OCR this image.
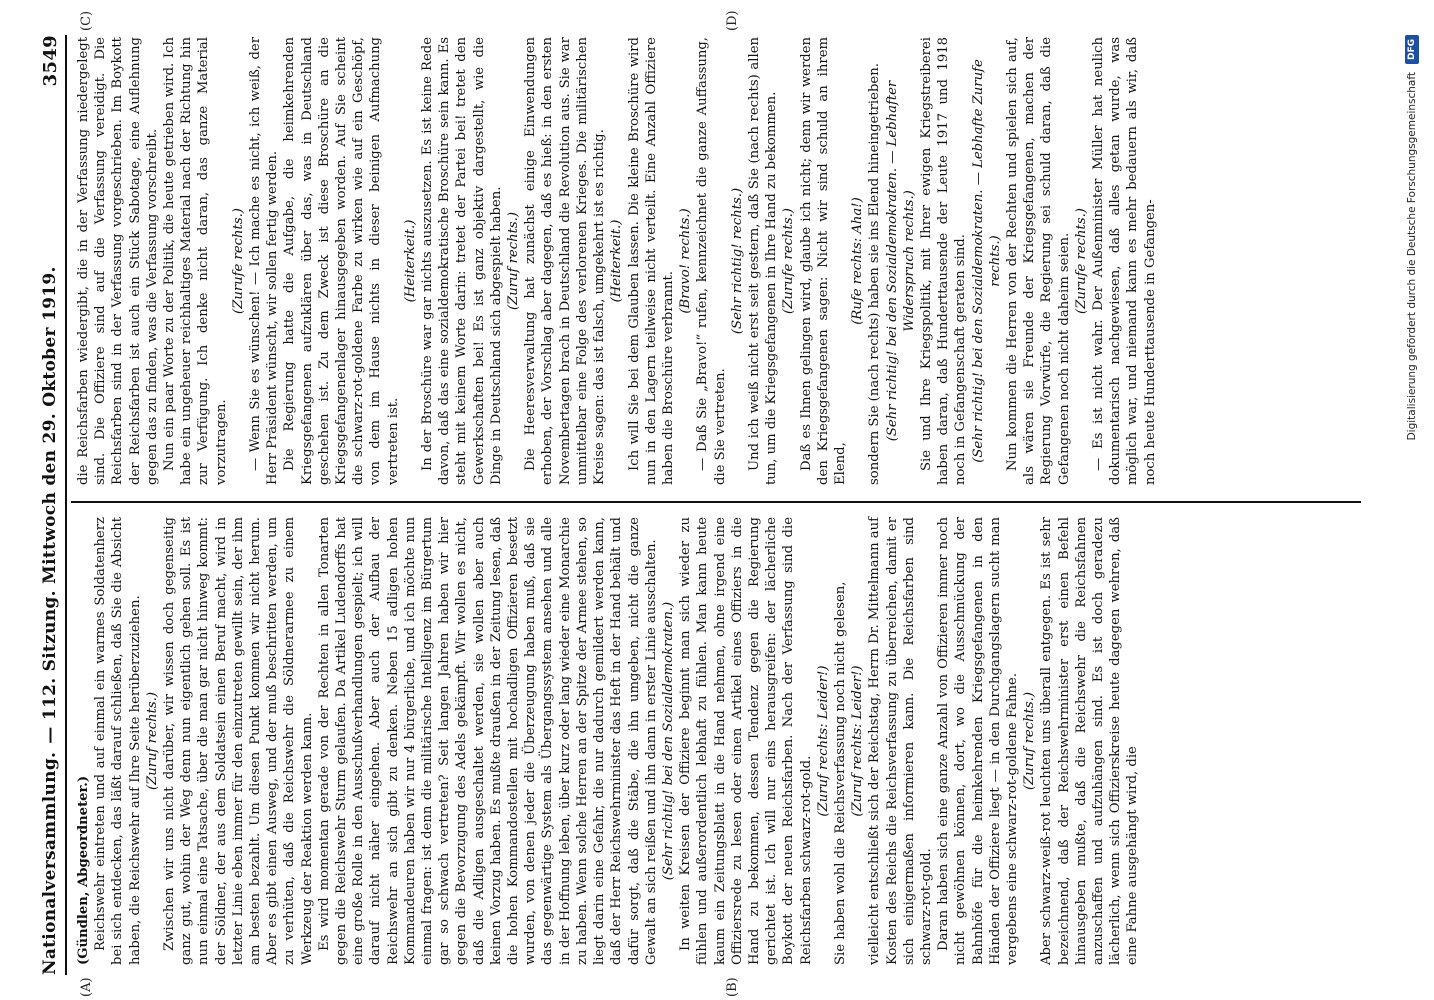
Nationalversammlung.
— 112. Sitzung. Mittwoch den 29. Oktober 1919.
3549
(A)	(B)
(C)	(D)

(Gündlen, Abgeordneter.) Reichswehr eintreten und auf einmal ein warmes Soldatenherz bei sich entdecken, das läßt darauf schließen, daß Sie die Absicht haben, die Reichswehr auf Ihre Seite herüberzuziehen. (Zuruf rechts.) Zwischen wir uns nicht darüber, wir wissen doch gegenseitig ganz gut, wohin der Weg denn nun eigentlich gehen soll. Es ist nun einmal eine Tatsache, über die man gar nicht hinweg kommt: der Söldner, der aus dem Soldatsein einen Beruf macht, wird in letzter Linie eben immer für den einzutreten gewillt sein, der ihm am besten bezahlt. Um diesen Punkt kommen wir nicht herum. Aber es gibt einen Ausweg, und der muß beschritten werden, um zu verhüten, daß die Reichswehr die Söldnerarmee zu einem Werkzeug der Reaktion werden kann. Es wird momentan gerade von der Rechten in allen Tonarten gegen die Reichswehr Sturm gelaufen. Da Artikel Ludendorffs hat eine große Rolle in den Ausschußverhandlungen gespielt; ich will darauf nicht näher eingehen. Aber auch der Aufbau der Reichswehr an sich gibt zu denken. Neben 15 adligen hohen Kommandeuren haben wir nur 4 bürgerliche, und ich möchte nun einmal fragen: ist denn die militärische Intelligenz im Bürgertum gar so schwach vertreten? Seit langen Jahren haben wir hier gegen die Bevorzugung des Adels gekämpft. Wir wollen es nicht, daß die Adligen ausgeschaltet werden, sie wollen aber auch keinen Vorzug haben. Es mußte draußen in der Zeitung lesen, daß die hohen Kommandostellen mit hochadligen Offizieren besetzt wurden, von denen jeder die Überzeugung haben muß, daß sie das gegenwärtige System als Übergangssystem ansehen und alle in der Hoffnung leben, über kurz oder lang wieder eine Monarchie zu haben. Wenn solche Herren an der Spitze der Armee stehen, so liegt darin eine Gefahr, die nur dadurch gemildert werden kann, daß der Herr Reichswehrminister das Heft in der Hand behält und dafür sorgt, daß die Stäbe, die ihn umgeben, nicht die ganze Gewalt an sich reißen und ihn dann in erster Linie ausschalten. (Sehr richtig! bei den Sozialdemokraten.) In weiten Kreisen der Offiziere beginnt man sich wieder zu fühlen und außerordentlich lebhaft zu fühlen. Man kann heute kaum ein Zeitungsblatt in die Hand nehmen, ohne irgend eine Offiziersrede zu lesen oder einen Artikel eines Offiziers in die Hand zu bekommen, dessen Tendenz gegen die Regierung gerichtet ist. Ich will nur eins herausgreifen: der lächerliche Boykott der neuen Reichsfarben. Nach der Verfassung sind die Reichsfarben schwarz-rot-gold.

(Zuruf rechts: Leider!) Sie haben wohl die Reichsverfassung noch nicht gelesen, (Zuruf rechts: Leider!) vielleicht entschließt sich der Reichstag, Herrn Dr. Mittelmann auf Kosten des Reichs die Reichsverfassung zu überreichen, damit er sich einigermaßen informieren kann. Die Reichsfarben sind schwarz-rot-gold. Daran haben sich eine ganze Anzahl von Offizieren immer noch nicht gewöhnen können, dort, wo die Ausschmückung der Bahnhöfe für die heimkehrenden Kriegsgefangenen in den Händen der Offiziere liegt — in den Durchgangslagern sucht man vergebens eine schwarz-rot-goldene Fahne. (Zuruf rechts.) Aber schwarz-weiß-rot leuchten uns überall entgegen. Es ist sehr bezeichnend, daß der Reichswehrminister erst einen Befehl hinausgeben mußte, daß die Reichswehr die Reichsfahnen anzuschaffen und aufzuhängen sind. Es ist doch geradezu lächerlich, wenn sich Offizierskreise heute dagegen wehren, daß eine Fahne ausgehängt wird, die

die Reichsfarben wiedergibt, die in der Verfassung niedergelegt sind. Die Offiziere sind auf die Verfassung vereidigt. Die Reichsfarben sind in der Verfassung vorgeschrieben. Im Boykott der Reichsfarben ist auch ein Stück Sabotage, eine Auflehnung gegen das zu finden, was die Verfassung vorschreibt. Nun ein paar Worte zu der Politik, die heute getrieben wird. Ich habe ein ungeheuer reichhaltiges Material nach der Richtung hin zur Verfügung. Ich denke nicht daran, das ganze Material vorzutragen.

(Zurufe rechts.) — Wenn Sie es wünschen! — Ich mache es nicht, ich weiß, der Herr Präsident wünscht, wir sollen fertig werden. Die Regierung hatte die Aufgabe, die heimkehrenden Kriegsgefangenen aufzuklären über das, was in Deutschland geschehen ist. Zu dem Zweck ist diese Broschüre an die Kriegsgefangenenlager hinausgegeben worden. Auf Sie scheint die schwarz-rot-goldene Farbe zu wirken wie auf ein Geschöpf, von dem im Hause nichts in dieser beinigen Aufmachung vertreten ist.

(Heiterkeit.) In der Broschüre war gar nichts auszusetzen. Es ist keine Rede davon, daß das eine sozialdemokratische Broschüre sein kann. Es steht mit keinem Worte darin: tretet der Partei bei! tretet den Gewerkschaften bei! Es ist ganz objektiv dargestellt, wie die Dinge in Deutschland sich abgespielt haben. (Zuruf rechts.) Die Heeresverwaltung hat zunächst einige Einwendungen erhoben, der Vorschlag aber dagegen, daß es hieß: in den ersten Novembertagen brach in Deutschland die Revolution aus. Sie war unmittelbar eine Folge des verlorenen Krieges. Die militärischen Kreise sagen: das ist falsch, umgekehrt ist es richtig. (Heiterkeit.) Ich will Sie bei dem Glauben lassen. Die kleine Broschüre wird nun in den Lagern teilweise nicht verteilt. Eine Anzahl Offiziere haben die Broschüre verbrannt.

(Bravo! rechts.) — Daß Sie „Bravo!“ rufen, kennzeichnet die ganze Auffassung, die Sie vertreten.

(Sehr richtig! rechts.) Und ich weiß nicht erst seit gestern, daß Sie (nach rechts) allen tun, um die Kriegsgefangenen in Ihre Hand zu bekommen. (Zurufe rechts.) Daß es Ihnen gelingen wird, glaube ich nicht; denn wir werden den Kriegsgefangenen sagen: Nicht wir sind schuld an ihrem Elend,

(Rufe rechts: Aha!) sondern Sie (nach rechts) haben sie ins Elend hineingetrieben. (Sehr richtig! bei den Sozialdemokraten. — Lebhafter Widerspruch rechts.) Sie und Ihre Kriegspolitik, mit Ihrer ewigen Kriegstreiberei haben daran, daß Hunderttausende der Leute 1917 und 1918 noch in Gefangenschaft geraten sind. (Sehr richtig! bei den Sozialdemokraten. — Lebhafte Zurufe rechts.) Nun kommen die Herren von der Rechten und spielen sich auf, als wären sie Freunde der Kriegsgefangenen, machen der Regierung Vorwürfe, die Regierung sei schuld daran, daß die Gefangenen noch nicht daheim seien. (Zurufe rechts.) — Es ist nicht wahr. Der Außenminister Müller hat neulich dokumentarisch nachgewiesen, daß alles getan wurde, was möglich war, und niemand kann es mehr bedauern als wir, daß noch heute Hunderttausende in Gefangen-	Digitalisierung gefördert durch die Deutsche Forschungsgemeinschaft
DFG
